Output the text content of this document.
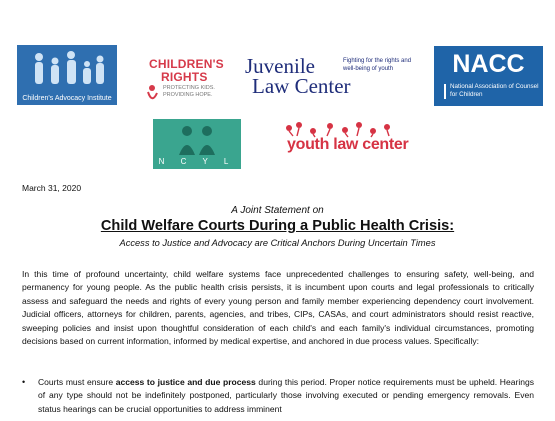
Children's Advocacy Institute
CHILDREN'S
RIGHTS
PROTECTING KIDS.
PROVIDING HOPE.
Juvenile
Law Center
Fighting for the rights and well-being of youth	NACC
National Association of Counsel for Children
N C Y L
youth law center
March 31, 2020
A Joint Statement on
Child Welfare Courts During a Public Health Crisis:
Access to Justice and Advocacy are Critical Anchors During Uncertain Times

In this time of profound uncertainty, child welfare systems face unprecedented challenges to ensuring safety, well-being, and permanency for young people. As the public health crisis persists, it is incumbent upon courts and legal professionals to critically assess and safeguard the needs and rights of every young person and family member experiencing dependency court involvement. Judicial officers, attorneys for children, parents, agencies, and tribes, CIPs, CASAs, and court administrators should resist reactive, sweeping policies and insist upon thoughtful consideration of each child's and each family's individual circumstances, promoting decisions based on current information, informed by medical expertise, and anchored in due process values. Specifically:

• Courts must ensure access to justice and due process during this period. Proper notice requirements must be upheld. Hearings of any type should not be indefinitely postponed, particularly those involving executed or pending emergency removals. Even status hearings can be crucial opportunities to address imminent
